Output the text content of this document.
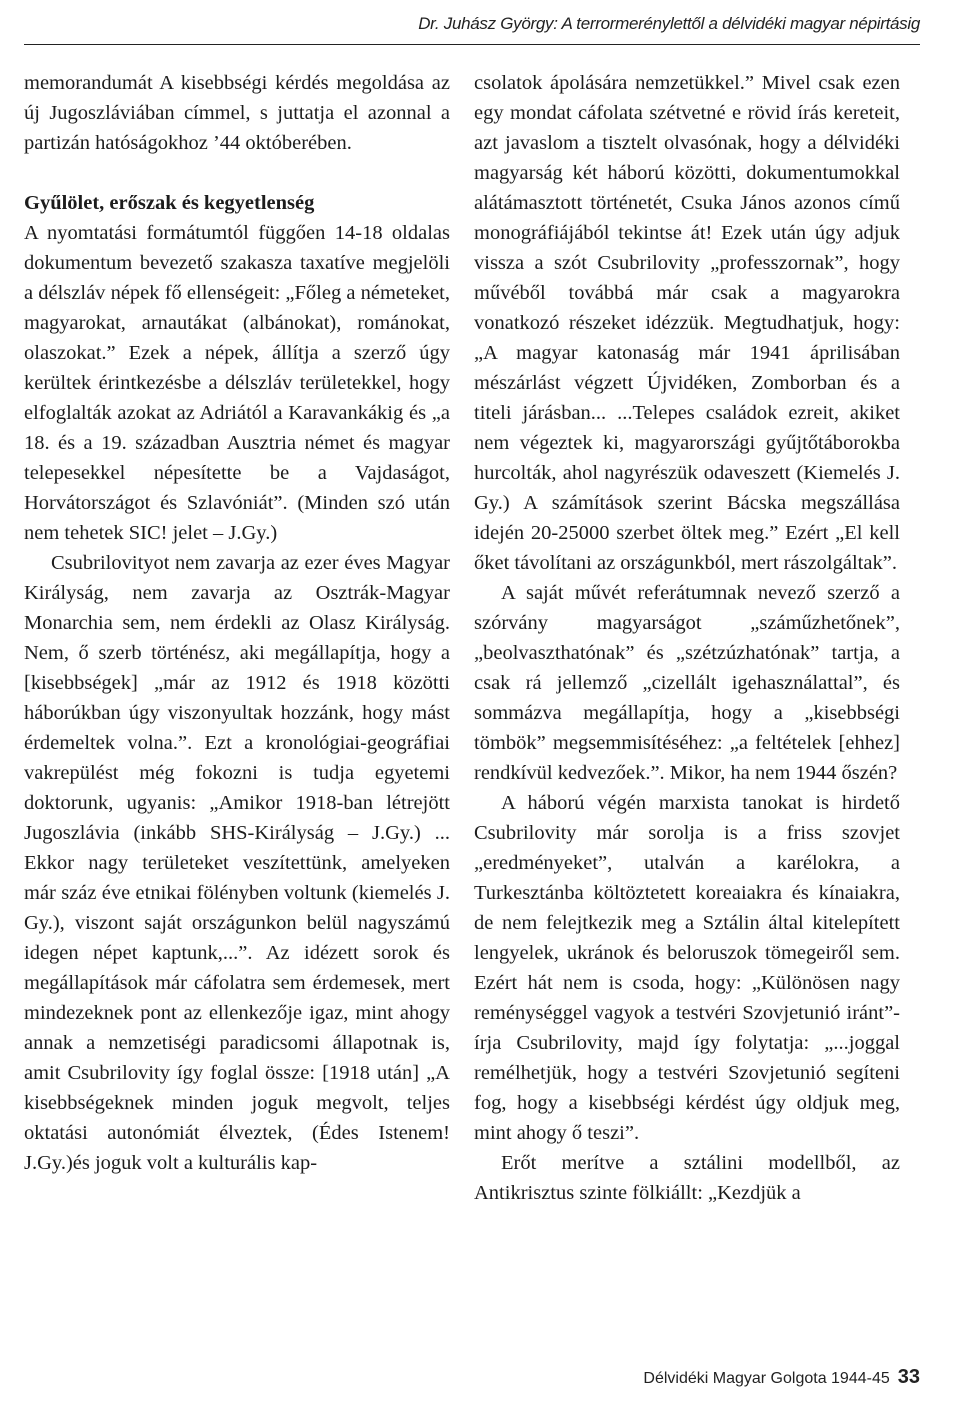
Dr. Juhász György: A terrormerénylettől a délvidéki magyar népirtásig

memorandumát A kisebbségi kérdés megoldása az új Jugoszláviában címmel, s juttatja el azonnal a partizán hatóságokhoz ’44 októberében.

Gyűlölet, erőszak és kegyetlenség

A nyomtatási formátumtól függően 14-18 oldalas dokumentum bevezető szakasza taxatíve megjelöli a délszláv népek fő ellenségeit: „Főleg a németeket, magyarokat, arnautákat (albánokat), románokat, olaszokat.” Ezek a népek, állítja a szerző úgy kerültek érintkezésbe a délszláv területekkel, hogy elfoglalták azokat az Adriától a Karavankákig és „a 18. és a 19. században Ausztria német és magyar telepesekkel népesítette be a Vajdaságot, Horvátországot és Szlavóniát”. (Minden szó után nem tehetek SIC! jelet – J.Gy.)

Csubrilovityot nem zavarja az ezer éves Magyar Királyság, nem zavarja az Osztrák-Magyar Monarchia sem, nem érdekli az Olasz Királyság. Nem, ő szerb történész, aki megállapítja, hogy a [kisebbségek] „már az 1912 és 1918 közötti háborúkban úgy viszonyultak hozzánk, hogy mást érdemeltek volna.”. Ezt a kronológiai-geográfiai vakrepülést még fokozni is tudja egyetemi doktorunk, ugyanis: „Amikor 1918-ban létrejött Jugoszlávia (inkább SHS-Királyság – J.Gy.) ... Ekkor nagy területeket veszítettünk, amelyeken már száz éve etnikai fölényben voltunk (kiemelés J. Gy.), viszont saját országunkon belül nagyszámú idegen népet kaptunk,...”. Az idézett sorok és megállapítások már cáfolatra sem érdemesek, mert mindezeknek pont az ellenkezője igaz, mint ahogy annak a nemzetiségi paradicsomi állapotnak is, amit Csubrilovity így foglal össze: [1918 után] „A kisebbségeknek minden joguk megvolt, teljes oktatási autonómiát élveztek, (Édes Istenem! J.Gy.)és joguk volt a kulturális kap-

csolatok ápolására nemzetükkel.” Mivel csak ezen egy mondat cáfolata szétvetné e rövid írás kereteit, azt javaslom a tisztelt olvasónak, hogy a délvidéki magyarság két háború közötti, dokumentumokkal alátámasztott történetét, Csuka János azonos című monográfiájából tekintse át! Ezek után úgy adjuk vissza a szót Csubrilovity „professzornak”, hogy művéből továbbá már csak a magyarokra vonatkozó részeket idézzük. Megtudhatjuk, hogy: „A magyar katonaság már 1941 áprilisában mészárlást végzett Újvidéken, Zomborban és a titeli járásban... ...Telepes családok ezreit, akiket nem végeztek ki, magyarországi gyűjtőtáborokba hurcolták, ahol nagyrészük odaveszett (Kiemelés J. Gy.) A számítások szerint Bácska megszállása idején 20-25000 szerbet öltek meg.” Ezért „El kell őket távolítani az országunkból, mert rászolgáltak”.

A saját művét referátumnak nevező szerző a szórvány magyarságot „száműzhetőnek”, „beolvaszthatónak” és „szétzúzhatónak” tartja, a csak rá jellemző „cizellált igehasználattal”, és sommázva megállapítja, hogy a „kisebbségi tömbök” megsemmisítéséhez: „a feltételek [ehhez] rendkívül kedvezőek.”. Mikor, ha nem 1944 őszén?

A háború végén marxista tanokat is hirdető Csubrilovity már sorolja is a friss szovjet „eredményeket”, utalván a karélokra, a Turkesztánba költöztetett koreaiakra és kínaiakra, de nem felejtkezik meg a Sztálin által kitelepített lengyelek, ukránok és beloruszok tömegeiről sem. Ezért hát nem is csoda, hogy: „Különösen nagy reménységgel vagyok a testvéri Szovjetunió iránt”-írja Csubrilovity, majd így folytatja: „...joggal remélhetjük, hogy a testvéri Szovjetunió segíteni fog, hogy a kisebbségi kérdést úgy oldjuk meg, mint ahogy ő teszi”.

Erőt merítve a sztálini modellből, az Antikrisztus szinte fölkiállt: „Kezdjük a

Délvidéki Magyar Golgota 1944-45 33
